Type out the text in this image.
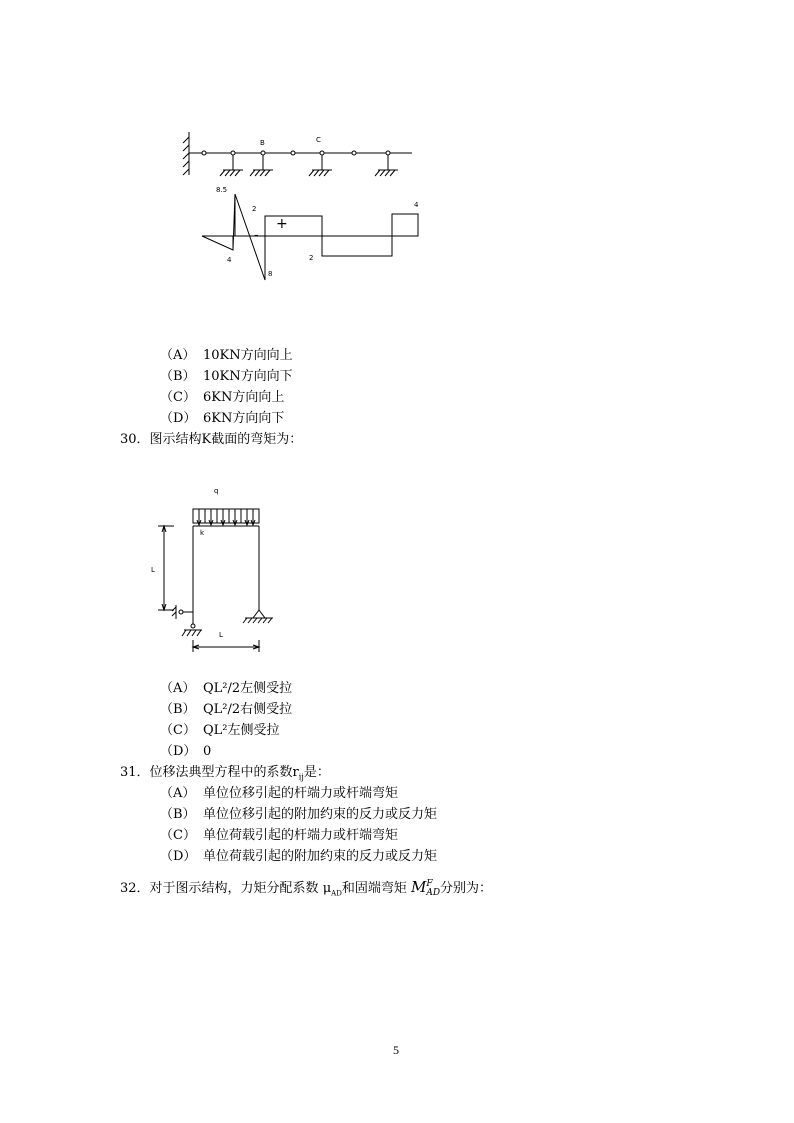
B	C
8.5
2
4
8
2
4
+
-
（A） 10KN方向向上
（B） 10KN方向向下
（C） 6KN方向向上
（D） 6KN方向向下
30．图示结构K截面的弯矩为：
q
k
L
L
（A） QL²/2左侧受拉
（B） QL²/2右侧受拉
（C） QL²左侧受拉
（D） 0
31．位移法典型方程中的系数$r_{ij}$是：
（A） 单位位移引起的杆端力或杆端弯矩
（B） 单位位移引起的附加约束的反力或反力矩
（C） 单位荷载引起的杆端力或杆端弯矩
（D） 单位荷载引起的附加约束的反力或反力矩
32．对于图示结构，力矩分配系数 $\mu_{AD}$和固端弯矩 M F
AD 分别为：
5
